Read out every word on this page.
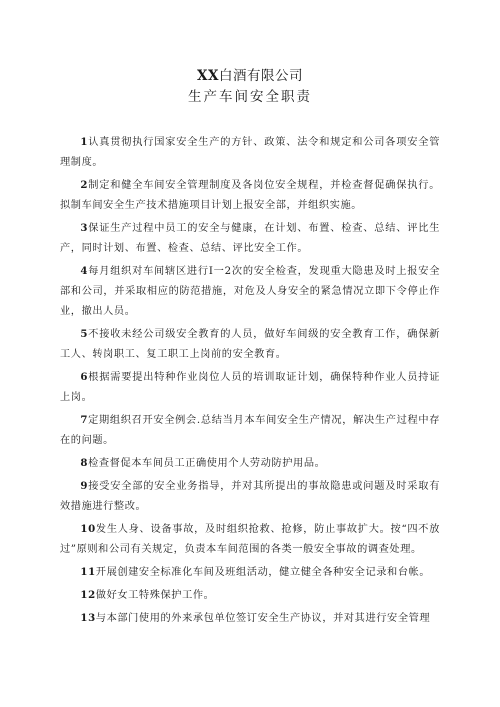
XX白酒有限公司
生产车间安全职责

1认真贯彻执行国家安全生产的方针、政策、法令和规定和公司各项安全管理制度。

2制定和健全车间安全管理制度及各岗位安全规程，并检查督促确保执行。拟制车间安全生产技术措施项目计划上报安全部，并组织实施。

3保证生产过程中员工的安全与健康，在计划、布置、检查、总结、评比生产，同时计划、布置、检查、总结、评比安全工作。

4每月组织对车间辖区进行I一2次的安全检查，发现重大隐患及时上报安全部和公司，并采取相应的防范措施，对危及人身安全的紧急情况立即下令停止作业，撤出人员。

5不接收未经公司级安全教育的人员，做好车间级的安全教育工作，确保新工人、转岗职工、复工职工上岗前的安全教育。

6根据需要提出特种作业岗位人员的培训取证计划，确保特种作业人员持证上岗。

7定期组织召开安全例会.总结当月本车间安全生产情况，解决生产过程中存在的问题。

8检查督促本车间员工正确使用个人劳动防护用品。

9接受安全部的安全业务指导，并对其所提出的事故隐患或问题及时采取有效措施进行整改。

10发生人身、设备事故，及时组织抢救、抢修，防止事故扩大。按“四不放过”原则和公司有关规定，负责本车间范围的各类一般安全事故的调查处理。

11开展创建安全标准化车间及班组活动，健立健全各种安全记录和台帐。

12做好女工特殊保护工作。

13与本部门使用的外来承包单位签订安全生产协议，并对其进行安全管理
